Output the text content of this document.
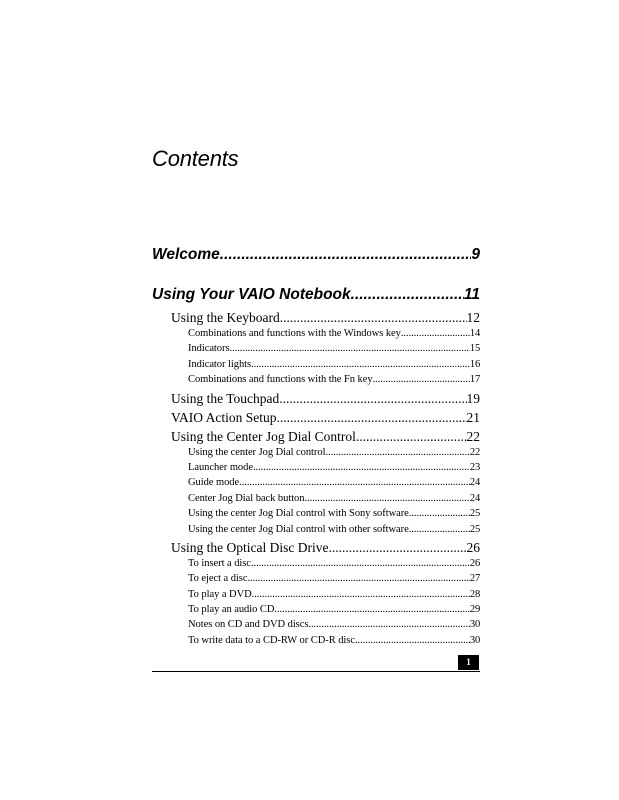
Contents
Welcome .....	9
Using Your VAIO Notebook .....	11
Using the Keyboard .....	12
Combinations and functions with the Windows key .....	14
Indicators .....	15
Indicator lights .....	16
Combinations and functions with the Fn key .....	17
Using the Touchpad .....	19
VAIO Action Setup .....	21
Using the Center Jog Dial Control .....	22
Using the center Jog Dial control .....	22
Launcher mode .....	23
Guide mode .....	24
Center Jog Dial back button .....	24
Using the center Jog Dial control with Sony software .....	25
Using the center Jog Dial control with other software .....	25
Using the Optical Disc Drive .....	26
To insert a disc .....	26
To eject a disc .....	27
To play a DVD .....	28
To play an audio CD .....	29
Notes on CD and DVD discs .....	30
To write data to a CD-RW or CD-R disc .....	30
1
